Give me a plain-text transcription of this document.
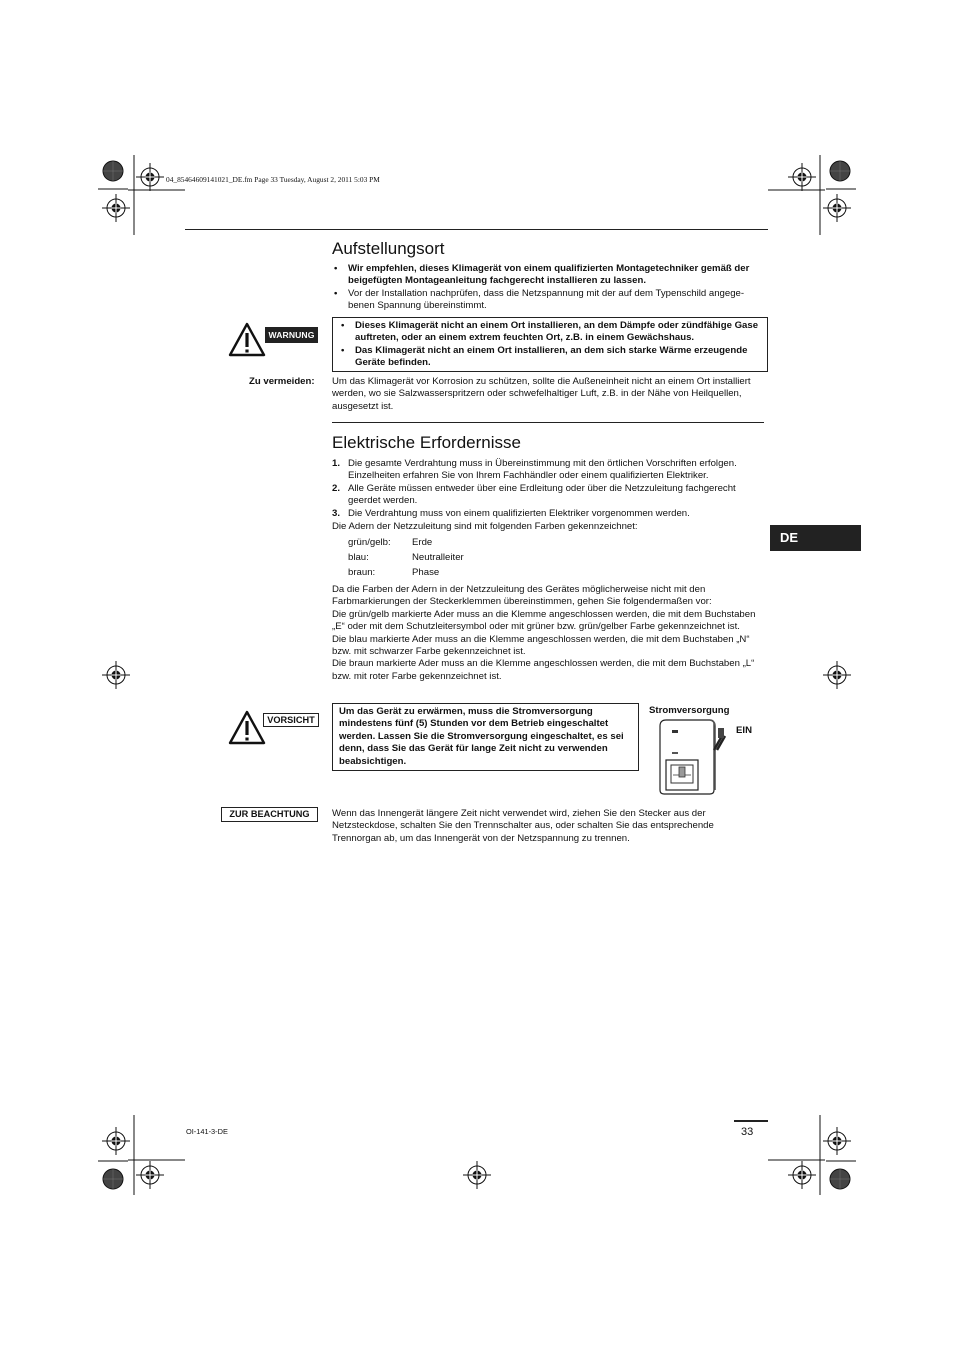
04_85464609141021_DE.fm Page 33 Tuesday, August 2, 2011 5:03 PM
Aufstellungsort
• Wir empfehlen, dieses Klimagerät von einem qualifizierten Montagetechniker gemäß der beigefügten Montageanleitung fachgerecht installieren zu lassen.
• Vor der Installation nachprüfen, dass die Netzspannung mit der auf dem Typenschild angege-benen Spannung übereinstimmt.
WARNUNG
• Dieses Klimagerät nicht an einem Ort installieren, an dem Dämpfe oder zündfähige Gase auftreten, oder an einem extrem feuchten Ort, z.B. in einem Gewächshaus.
• Das Klimagerät nicht an einem Ort installieren, an dem sich starke Wärme erzeugende Geräte befinden.
Zu vermeiden: Um das Klimagerät vor Korrosion zu schützen, sollte die Außeneinheit nicht an einem Ort installiert werden, wo sie Salzwasserspritzern oder schwefelhaltiger Luft, z.B. in der Nähe von Heilquellen, ausgesetzt ist.
Elektrische Erfordernisse
1. Die gesamte Verdrahtung muss in Übereinstimmung mit den örtlichen Vorschriften erfolgen. Einzelheiten erfahren Sie von Ihrem Fachhändler oder einem qualifizierten Elektriker.
2. Alle Geräte müssen entweder über eine Erdleitung oder über die Netzzuleitung fachgerecht geerdet werden.
3. Die Verdrahtung muss von einem qualifizierten Elektriker vorgenommen werden.
Die Adern der Netzzuleitung sind mit folgenden Farben gekennzeichnet:
grün/gelb:	Erde
blau:	Neutralleiter
braun:	Phase
Da die Farben der Adern in der Netzzuleitung des Gerätes möglicherweise nicht mit den Farbmarkierungen der Steckerklemmen übereinstimmen, gehen Sie folgendermaßen vor:
Die grün/gelb markierte Ader muss an die Klemme angeschlossen werden, die mit dem Buchstaben „E“ oder mit dem Schutzleitersymbol oder mit grüner bzw. grün/gelber Farbe gekennzeichnet ist.
Die blau markierte Ader muss an die Klemme angeschlossen werden, die mit dem Buchstaben „N“ bzw. mit schwarzer Farbe gekennzeichnet ist.
Die braun markierte Ader muss an die Klemme angeschlossen werden, die mit dem Buchstaben „L“ bzw. mit roter Farbe gekennzeichnet ist.
VORSICHT
Um das Gerät zu erwärmen, muss die Stromversorgung mindestens fünf (5) Stunden vor dem Betrieb eingeschaltet werden. Lassen Sie die Stromversorgung eingeschaltet, es sei denn, dass Sie das Gerät für lange Zeit nicht zu verwenden beabsichtigen.
Stromversorgung
EIN
ZUR BEACHTUNG	Wenn das Innengerät längere Zeit nicht verwendet wird, ziehen Sie den Stecker aus der Netzsteckdose, schalten Sie den Trennschalter aus, oder schalten Sie das entsprechende Trennorgan ab, um das Innengerät von der Netzspannung zu trennen.
DE
OI-141-3-DE	33
